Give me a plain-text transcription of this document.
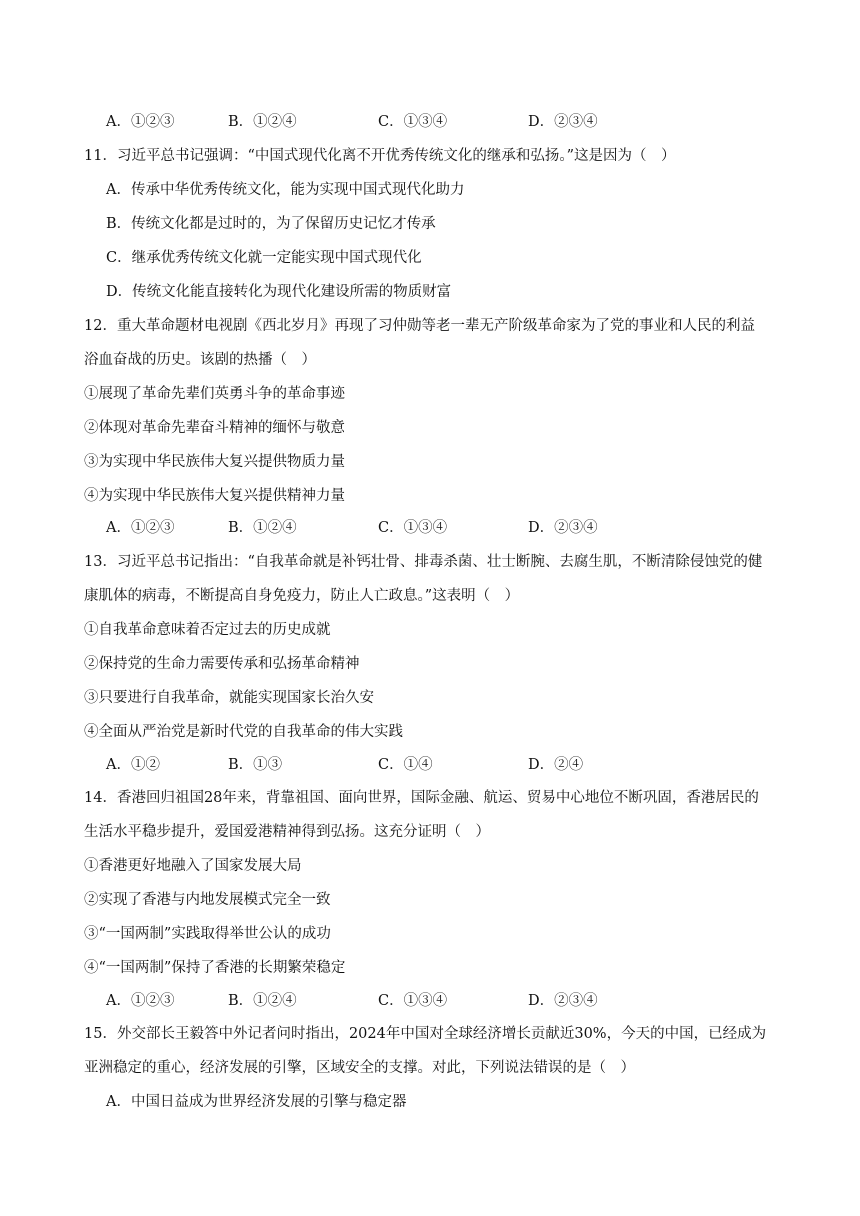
A．①②③	B．①②④	C．①③④	D．②③④
11．习近平总书记强调：“中国式现代化离不开优秀传统文化的继承和弘扬。”这是因为（　）
A．传承中华优秀传统文化，能为实现中国式现代化助力
B．传统文化都是过时的，为了保留历史记忆才传承
C．继承优秀传统文化就一定能实现中国式现代化
D．传统文化能直接转化为现代化建设所需的物质财富
12．重大革命题材电视剧《西北岁月》再现了习仲勋等老一辈无产阶级革命家为了党的事业和人民的利益
浴血奋战的历史。该剧的热播（　）
①展现了革命先辈们英勇斗争的革命事迹
②体现对革命先辈奋斗精神的缅怀与敬意
③为实现中华民族伟大复兴提供物质力量
④为实现中华民族伟大复兴提供精神力量
A．①②③	B．①②④	C．①③④	D．②③④
13．习近平总书记指出：“自我革命就是补钙壮骨、排毒杀菌、壮士断腕、去腐生肌，不断清除侵蚀党的健
康肌体的病毒，不断提高自身免疫力，防止人亡政息。”这表明（　）
①自我革命意味着否定过去的历史成就
②保持党的生命力需要传承和弘扬革命精神
③只要进行自我革命，就能实现国家长治久安
④全面从严治党是新时代党的自我革命的伟大实践
A．①②	B．①③	C．①④	D．②④
14．香港回归祖国28年来，背靠祖国、面向世界，国际金融、航运、贸易中心地位不断巩固，香港居民的
生活水平稳步提升，爱国爱港精神得到弘扬。这充分证明（　）
①香港更好地融入了国家发展大局
②实现了香港与内地发展模式完全一致
③“一国两制”实践取得举世公认的成功
④“一国两制”保持了香港的长期繁荣稳定
A．①②③	B．①②④	C．①③④	D．②③④
15．外交部长王毅答中外记者问时指出，2024年中国对全球经济增长贡献近30%，今天的中国，已经成为
亚洲稳定的重心，经济发展的引擎，区域安全的支撑。对此，下列说法错误的是（　）
A．中国日益成为世界经济发展的引擎与稳定器
